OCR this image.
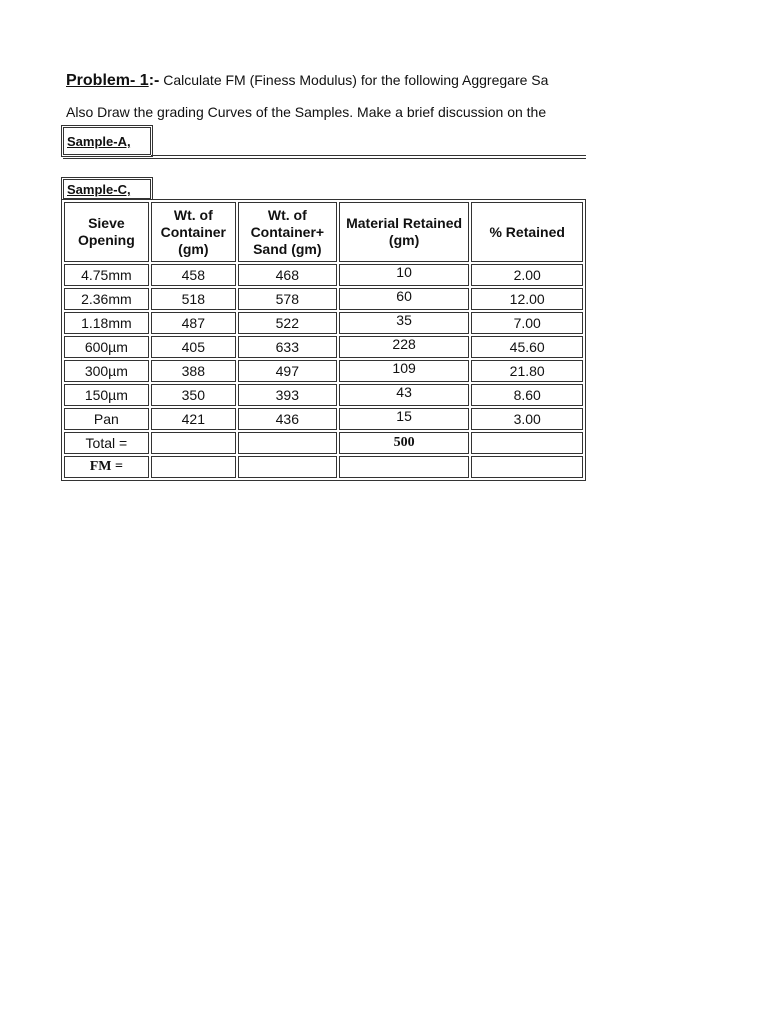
Problem- 1:- Calculate FM (Finess Modulus) for the following Aggregare Sa
Also Draw the grading Curves of the Samples. Make a brief discussion on the
Sample-A,
Sample-C,
Sieve Opening	Wt. of Container (gm)	Wt. of Container+ Sand (gm)	Material Retained (gm)	% Retained
4.75mm	458	468	10	2.00
2.36mm	518	578	60	12.00
1.18mm	487	522	35	7.00
600µm	405	633	228	45.60
300µm	388	497	109	21.80
150µm	350	393	43	8.60
Pan	421	436	15	3.00
Total =			500	
FM =				
